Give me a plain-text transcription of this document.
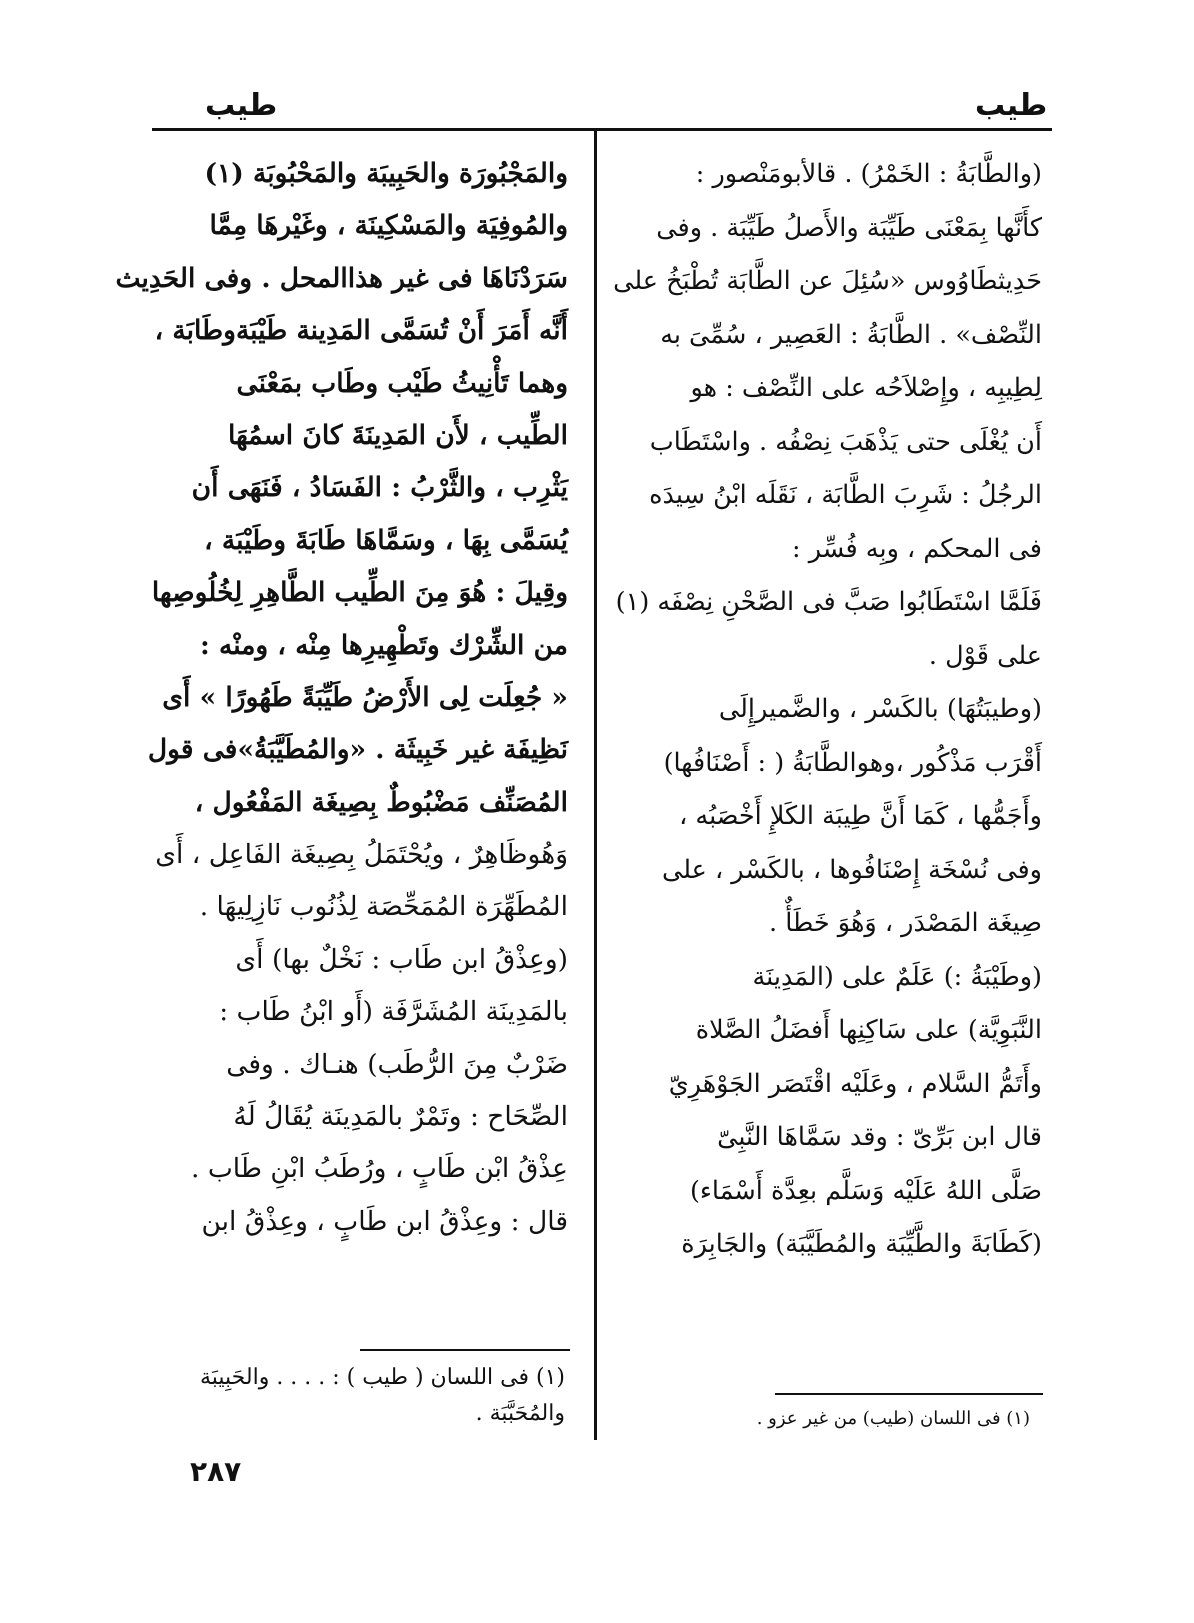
طيب
طيب
(والطَّابَةُ : الخَمْرُ) . قالأبومَنْصور :
كأَنَّها بِمَعْنَى طَيِّبَة والأَصلُ طَيِّبَة . وفى
حَدِيثطَاوُوس «سُئِلَ عن الطَّابَة تُطْبَخُ على
النِّصْف» . الطَّابَةُ : العَصِير ، سُمِّىَ به
لِطِيبِه ، وإِصْلاَحُه على النِّصْف : هو
أَن يُغْلَى حتى يَذْهَبَ نِصْفُه . واسْتَطَاب
الرجُلُ : شَرِبَ الطَّابَة ، نَقَلَه ابْنُ سِيدَه
فى المحكم ، وبِه فُسِّر :
فَلَمَّا اسْتَطَابُوا صَبَّ فى الصَّحْنِ نِصْفَه (١)
على قَوْل .
(وطيبَتُهَا) بالكَسْر ، والضَّميرإِلَى
أَقْرَب مَذْكُور ،وهوالطَّابَةُ ( : أَصْنَافُها)
وأَجَمُّها ، كَمَا أَنَّ طِيبَة الكَلإِ أَخْصَبُه ،
وفى نُسْخَة إِصْنَافُوها ، بالكَسْر ، على
صِيغَة المَصْدَر ، وَهُوَ خَطَأٌ .
(وطَيْبَةُ :) عَلَمٌ على (المَدِينَة
النَّبَوِيَّة) على سَاكِنِها أَفضَلُ الصَّلاة
وأَتَمُّ السَّلام ، وعَلَيْه اقْتَصَر الجَوْهَرِيّ
قال ابن بَرِّىّ : وقد سَمَّاهَا النَّبِىّ
صَلَّى اللهُ عَلَيْه وَسَلَّم بعِدَّة أَسْمَاء)
(كَطَابَةَ والطَّيِّبَة والمُطَيَّبَة) والجَابِرَة
والمَجْبُورَة والحَبِيبَة والمَحْبُوبَة (١)
والمُوفِيَة والمَسْكِينَة ، وغَيْرهَا مِمَّا
سَرَدْنَاهَا فى غير هذاالمحل . وفى الحَدِيث
أَنَّه أَمَرَ أَنْ تُسَمَّى المَدِينة طَيْبَةوطَابَة ،
وهما تَأْنِيثُ طَيْب وطَاب بمَعْنَى
الطِّيب ، لأَن المَدِينَةَ كانَ اسمُهَا
يَثْرِب ، والثَّرْبُ : الفَسَادُ ، فَنَهَى أَن
يُسَمَّى بِهَا ، وسَمَّاهَا طَابَةَ وطَيْبَة ،
وقِيلَ : هُوَ مِنَ الطِّيب الطَّاهِرِ لِخُلُوصِها
من الشِّرْك وتَطْهِيرِها مِنْه ، ومنْه :
« جُعِلَت لِى الأَرْضُ طَيِّبَةً طَهُورًا » أَى
نَظِيفَة غير خَبِيثَة . «والمُطَيَّبَةُ»فى قول
المُصَنِّف مَضْبُوطٌ بِصِيغَة المَفْعُول ،
وَهُوظَاهِرٌ ، ويُحْتَمَلُ بِصِيغَة الفَاعِل ، أَى
المُطَهِّرَة المُمَحِّصَة لِذُنُوب نَازِلِيهَا .
(وعِذْقُ ابن طَاب : نَخْلٌ بها) أَى
بالمَدِينَة المُشَرَّفَة (أَو ابْنُ طَاب :
ضَرْبٌ مِنَ الرُّطَب) هنـاك . وفى
الصِّحَاح : وتَمْرٌ بالمَدِينَة يُقَالُ لَهُ
عِذْقُ ابْن طَابٍ ، ورُطَبُ ابْنِ طَاب .
قال : وعِذْقُ ابن طَابٍ ، وعِذْقُ ابن
(١) فى اللسان (طيب) من غير عزو .
(١) فى اللسان ( طيب ) : . . . . والحَبِيبَة
والمُحَبَّبَة .
٢٨٧
